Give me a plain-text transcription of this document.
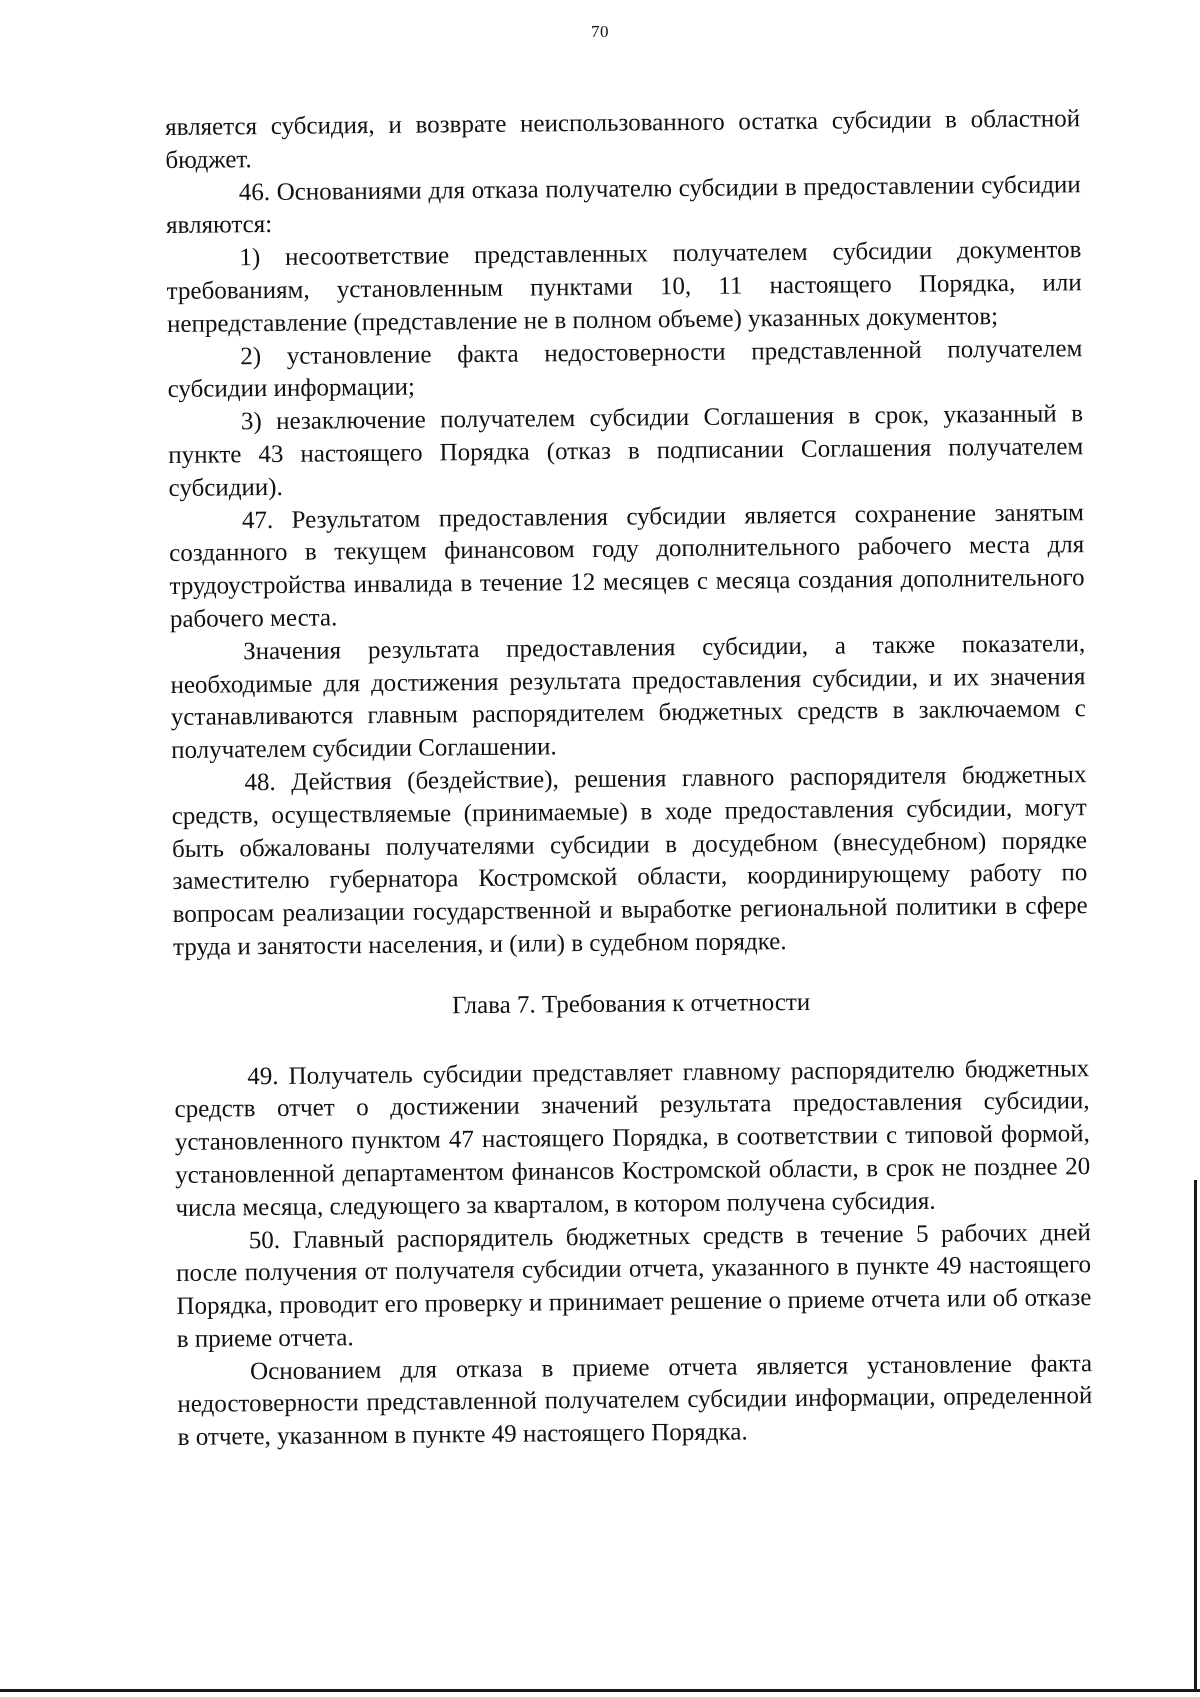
70

является субсидия, и возврате неиспользованного остатка субсидии в областной бюджет.

46. Основаниями для отказа получателю субсидии в предоставлении субсидии являются:

1) несоответствие представленных получателем субсидии документов требованиям, установленным пунктами 10, 11 настоящего Порядка, или непредставление (представление не в полном объеме) указанных документов;

2) установление факта недостоверности представленной получателем субсидии информации;

3) незаключение получателем субсидии Соглашения в срок, указанный в пункте 43 настоящего Порядка (отказ в подписании Соглашения получателем субсидии).

47. Результатом предоставления субсидии является сохранение занятым созданного в текущем финансовом году дополнительного рабочего места для трудоустройства инвалида в течение 12 месяцев с месяца создания дополнительного рабочего места.

Значения результата предоставления субсидии, а также показатели, необходимые для достижения результата предоставления субсидии, и их значения устанавливаются главным распорядителем бюджетных средств в заключаемом с получателем субсидии Соглашении.

48. Действия (бездействие), решения главного распорядителя бюджетных средств, осуществляемые (принимаемые) в ходе предоставления субсидии, могут быть обжалованы получателями субсидии в досудебном (внесудебном) порядке заместителю губернатора Костромской области, координирующему работу по вопросам реализации государственной и выработке региональной политики в сфере труда и занятости населения, и (или) в судебном порядке.

Глава 7. Требования к отчетности

49. Получатель субсидии представляет главному распорядителю бюджетных средств отчет о достижении значений результата предоставления субсидии, установленного пунктом 47 настоящего Порядка, в соответствии с типовой формой, установленной департаментом финансов Костромской области, в срок не позднее 20 числа месяца, следующего за кварталом, в котором получена субсидия.

50. Главный распорядитель бюджетных средств в течение 5 рабочих дней после получения от получателя субсидии отчета, указанного в пункте 49 настоящего Порядка, проводит его проверку и принимает решение о приеме отчета или об отказе в приеме отчета.

Основанием для отказа в приеме отчета является установление факта недостоверности представленной получателем субсидии информации, определенной в отчете, указанном в пункте 49 настоящего Порядка.
